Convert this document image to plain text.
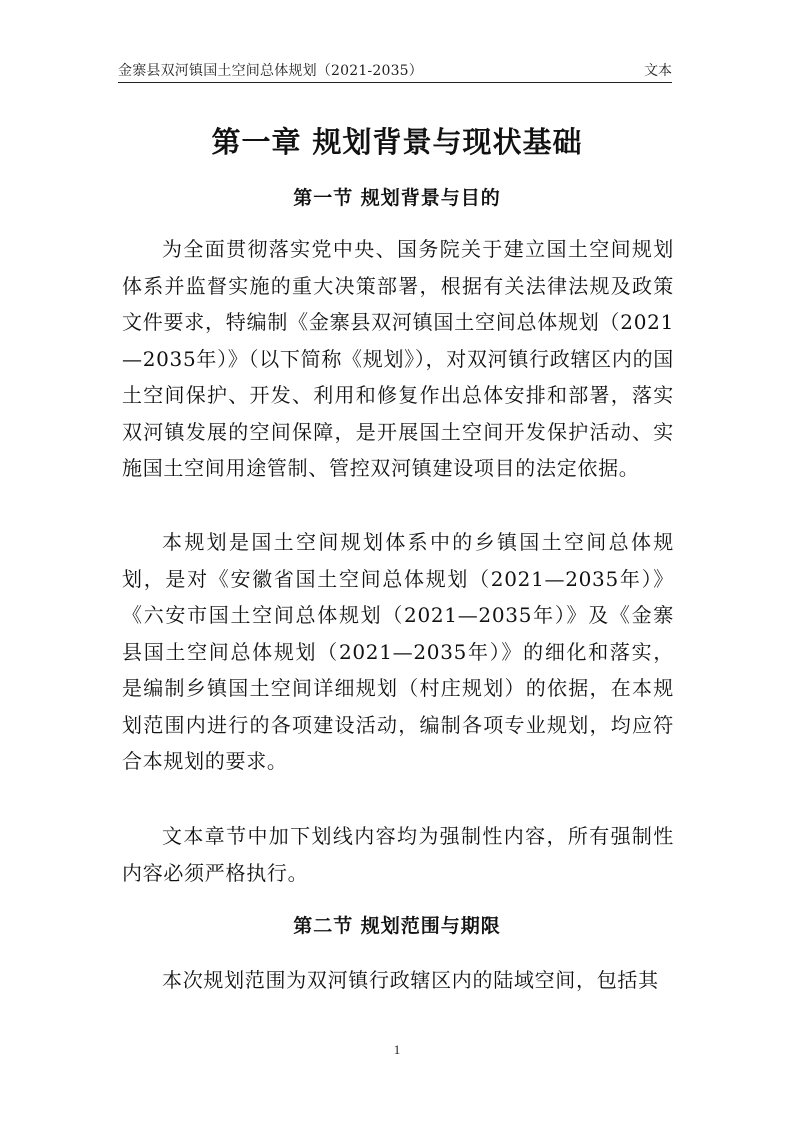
金寨县双河镇国土空间总体规划（2021-2035）	文本
第一章 规划背景与现状基础
第一节 规划背景与目的

为全面贯彻落实党中央、国务院关于建立国土空间规划体系并监督实施的重大决策部署，根据有关法律法规及政策文件要求，特编制《金寨县双河镇国土空间总体规划（2021—2035年）》（以下简称《规划》），对双河镇行政辖区内的国土空间保护、开发、利用和修复作出总体安排和部署，落实双河镇发展的空间保障，是开展国土空间开发保护活动、实施国土空间用途管制、管控双河镇建设项目的法定依据。

本规划是国土空间规划体系中的乡镇国土空间总体规划，是对《安徽省国土空间总体规划（2021—2035年）》《六安市国土空间总体规划（2021—2035年）》及《金寨县国土空间总体规划（2021—2035年）》的细化和落实，是编制乡镇国土空间详细规划（村庄规划）的依据，在本规划范围内进行的各项建设活动，编制各项专业规划，均应符合本规划的要求。

文本章节中加下划线内容均为强制性内容，所有强制性内容必须严格执行。

第二节 规划范围与期限

本次规划范围为双河镇行政辖区内的陆域空间，包括其

1
